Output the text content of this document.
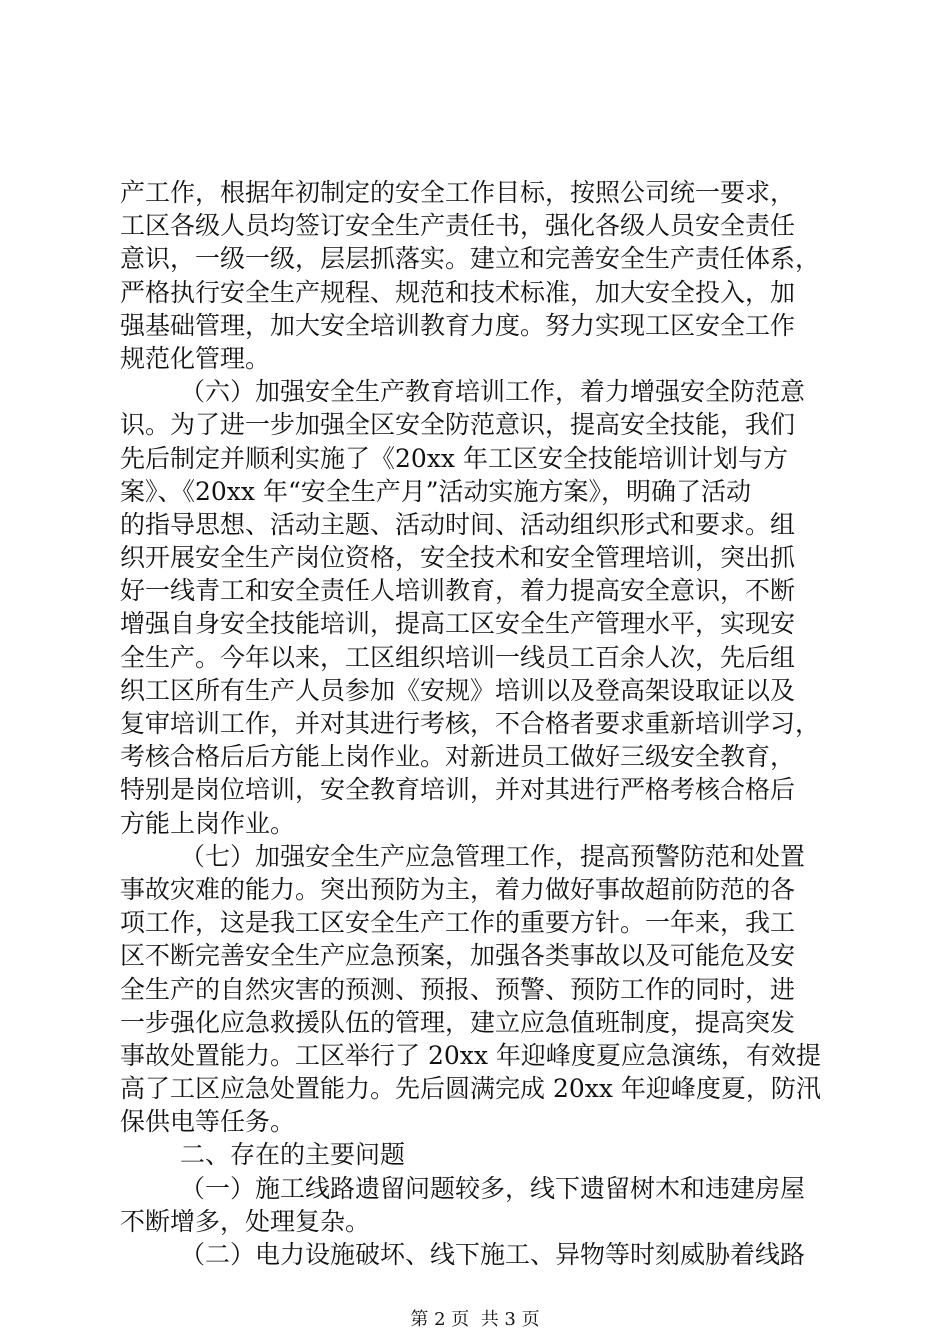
产工作，根据年初制定的安全工作目标，按照公司统一要求，
工区各级人员均签订安全生产责任书，强化各级人员安全责任
意识，一级一级，层层抓落实。建立和完善安全生产责任体系，
严格执行安全生产规程、规范和技术标准，加大安全投入，加
强基础管理，加大安全培训教育力度。努力实现工区安全工作
规范化管理。
（六）加强安全生产教育培训工作，着力增强安全防范意
识。为了进一步加强全区安全防范意识，提高安全技能，我们
先后制定并顺利实施了《20xx 年工区安全技能培训计划与方
案》、《20xx 年“安全生产月”活动实施方案》，明确了活动
的指导思想、活动主题、活动时间、活动组织形式和要求。组
织开展安全生产岗位资格，安全技术和安全管理培训，突出抓
好一线青工和安全责任人培训教育，着力提高安全意识，不断
增强自身安全技能培训，提高工区安全生产管理水平，实现安
全生产。今年以来，工区组织培训一线员工百余人次，先后组
织工区所有生产人员参加《安规》培训以及登高架设取证以及
复审培训工作，并对其进行考核，不合格者要求重新培训学习，
考核合格后后方能上岗作业。对新进员工做好三级安全教育，
特别是岗位培训，安全教育培训，并对其进行严格考核合格后
方能上岗作业。
（七）加强安全生产应急管理工作，提高预警防范和处置
事故灾难的能力。突出预防为主，着力做好事故超前防范的各
项工作，这是我工区安全生产工作的重要方针。一年来，我工
区不断完善安全生产应急预案，加强各类事故以及可能危及安
全生产的自然灾害的预测、预报、预警、预防工作的同时，进
一步强化应急救援队伍的管理，建立应急值班制度，提高突发
事故处置能力。工区举行了 20xx 年迎峰度夏应急演练，有效提
高了工区应急处置能力。先后圆满完成 20xx 年迎峰度夏，防汛
保供电等任务。
二、存在的主要问题
（一）施工线路遗留问题较多，线下遗留树木和违建房屋
不断增多，处理复杂。
（二）电力设施破坏、线下施工、异物等时刻威胁着线路
第 2 页  共 3 页
